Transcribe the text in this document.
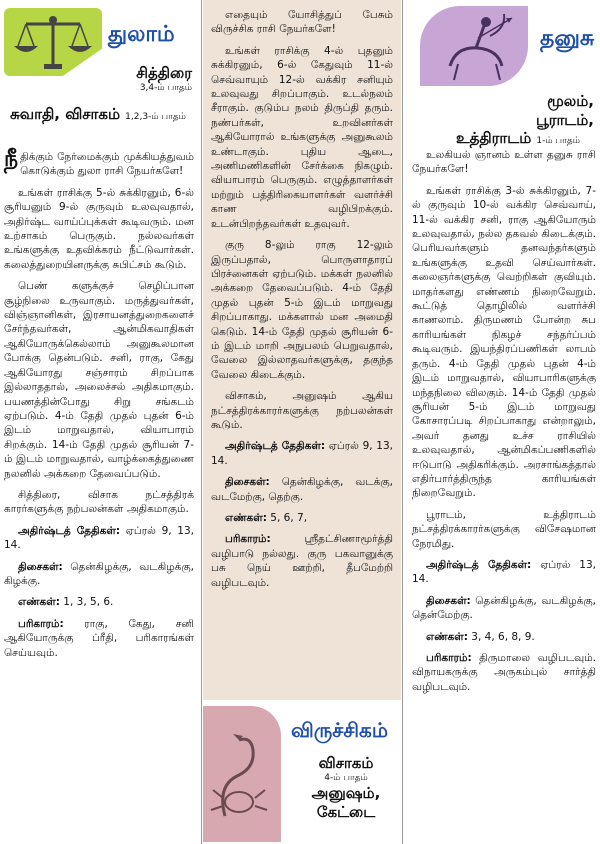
துலாம்
சித்திரை
3,4-ம் பாதம்
சுவாதி, விசாகம் 1,2,3-ம் பாதம்

நீதிக்கும் நேர்மைக்கும் முக்கியத்துவம் கொடுக்கும் துலா ராசி நேயர்களே!

உங்கள் ராசிக்கு 5-ல் சுக்கிரனும், 6-ல் சூரியனும் 9-ல் குருவும் உலவுவதால், அதிர்ஷ்ட வாய்ப்புக்கள் கூடிவரும். மன உற்சாகம் பெருகும். நல்லவர்கள் உங்களுக்கு உதவிக்கரம் நீட்டுவார்கள். கலைத்துறையினருக்கு சுபிட்சம் கூடும்.

பெண் களுக்குச் செழிப்பான சூழ்நிலை உருவாகும். மருத்துவர்கள், விஞ்ஞானிகள், இரசாயனத்துறைகளைச் சேர்ந்தவர்கள், ஆன்மிகவாதிகள் ஆகியோருக்கெல்லாம் அனுகூலமான போக்கு தென்படும். சனி, ராகு, கேது ஆகியோரது சஞ்சாரம் சிறப்பாக இல்லாததால், அலைச்சல் அதிகமாகும். பயணத்தின்போது சிறு சங்கடம் ஏற்படும். 4-ம் தேதி முதல் புதன் 6-ம் இடம் மாறுவதால், வியாபாரம் சிறக்கும். 14-ம் தேதி முதல் சூரியன் 7-ம் இடம் மாறுவதால், வாழ்க்கைத்துணை நலனில் அக்கறை தேவைப்படும்.

சித்திரை, விசாக நட்சத்திரக் காரர்களுக்கு நற்பலன்கள் அதிகமாகும்.

அதிர்ஷ்டத் தேதிகள்: ஏப்ரல் 9, 13, 14.

திசைகள்: தென்கிழக்கு, வடகிழக்கு, கிழக்கு.

எண்கள்: 1, 3, 5, 6.

பரிகாரம்: ராகு, கேது, சனி ஆகியோருக்கு ப்ரீதி, பரிகாரங்கள் செய்யவும்.

எதையும் யோசித்துப் பேசும் விருச்சிக ராசி நேயர்களே!

உங்கள் ராசிக்கு 4-ல் புதனும் சுக்கிரனும், 6-ல் கேதுவும் 11-ல் செவ்வாயும் 12-ல் வக்கிர சனியும் உலவுவது சிறப்பாகும். உடல்நலம் சீராகும். குடும்ப நலம் திருப்தி தரும். நண்பர்கள், உறவினர்கள் ஆகியோரால் உங்களுக்கு அனுகூலம் உண்டாகும். புதிய ஆடை, அணிமணிகளின் சேர்க்கை நிகழும். வியாபாரம் பெருகும். எழுத்தாளர்கள் மற்றும் பத்திரிகையாளர்கள் வளர்ச்சி காண வழிபிறக்கும். உடன்பிறந்தவர்கள் உதவுவர்.

குரு 8-லும் ராகு 12-லும் இருப்பதால், பொருளாதாரப் பிரச்னைகள் ஏற்படும். மக்கள் நலனில் அக்கறை தேவைப்படும். 4-ம் தேதி முதல் புதன் 5-ம் இடம் மாறுவது சிறப்பாகாது. மக்களால் மன அமைதி கெடும். 14-ம் தேதி முதல் சூரியன் 6-ம் இடம் மாறி அநுபலம் பெறுவதால், வேலை இல்லாதவர்களுக்கு, தகுந்த வேலை கிடைக்கும்.

விசாகம், அனுஷம் ஆகிய நட்சத்திரக்காரர்களுக்கு நற்பலன்கள் கூடும்.

அதிர்ஷ்டத் தேதிகள்: ஏப்ரல் 9, 13, 14.

திசைகள்: தென்கிழக்கு, வடக்கு, வடமேற்கு, தெற்கு.

எண்கள்: 5, 6, 7,

பரிகாரம்:	ஸ்ரீதட்சிணாமூர்த்தி வழிபாடு நல்லது. குரு பகவானுக்கு பசு நெய் ஊற்றி, தீபமேற்றி வழிபடவும்.

விருச்சிகம்
விசாகம்
4-ம் பாதம்
அனுஷம்,
கேட்டை
தனுசு
மூலம்,
பூராடம்,
உத்திராடம் 1-ம் பாதம்

உலகியல் ஞானம் உள்ள தனுசு ராசி நேயர்களே!

உங்கள் ராசிக்கு 3-ல் சுக்கிரனும், 7-ல் குருவும் 10-ல் வக்கிர செவ்வாய், 11-ல் வக்கிர சனி, ராகு ஆகியோரும் உலவுவதால், நல்ல தகவல் கிடைக்கும். பெரியவர்களும் தனவந்தர்களும் உங்களுக்கு உதவி செய்வார்கள். கலைஞர்களுக்கு வெற்றிகள் குவியும். மாதர்களது எண்ணம் நிறைவேறும். கூட்டுத் தொழிலில் வளர்ச்சி காணலாம். திருமணம் போன்ற சுப காரியங்கள் நிகழச் சந்தர்ப்பம் கூடிவரும். இயந்திரப்பணிகள் லாபம் தரும். 4-ம் தேதி முதல் புதன் 4-ம் இடம் மாறுவதால், வியாபாரிகளுக்கு மந்தநிலை விலகும். 14-ம் தேதி முதல் சூரியன் 5-ம் இடம் மாறுவது கோசாரப்படி சிறப்பாகாது என்றாலும், அவர் தனது உச்ச ராசியில் உலவுவதால், ஆன்மிகப்பணிகளில் ஈடுபாடு அதிகரிக்கும். அரசாங்கத்தால் எதிர்பார்த்திருந்த காரியங்கள் நிறைவேறும்.

பூராடம், உத்திராடம் நட்சத்திரக்காரர்களுக்கு விசேஷமான நேரமிது.

அதிர்ஷ்டத் தேதிகள்: ஏப்ரல் 13, 14.

திசைகள்: தென்கிழக்கு, வடகிழக்கு, தென்மேற்கு.

எண்கள்: 3, 4, 6, 8, 9.

பரிகாரம்: திருமாலை வழிபடவும். விநாயகருக்கு அருகம்புல் சார்த்தி வழிபடவும்.
